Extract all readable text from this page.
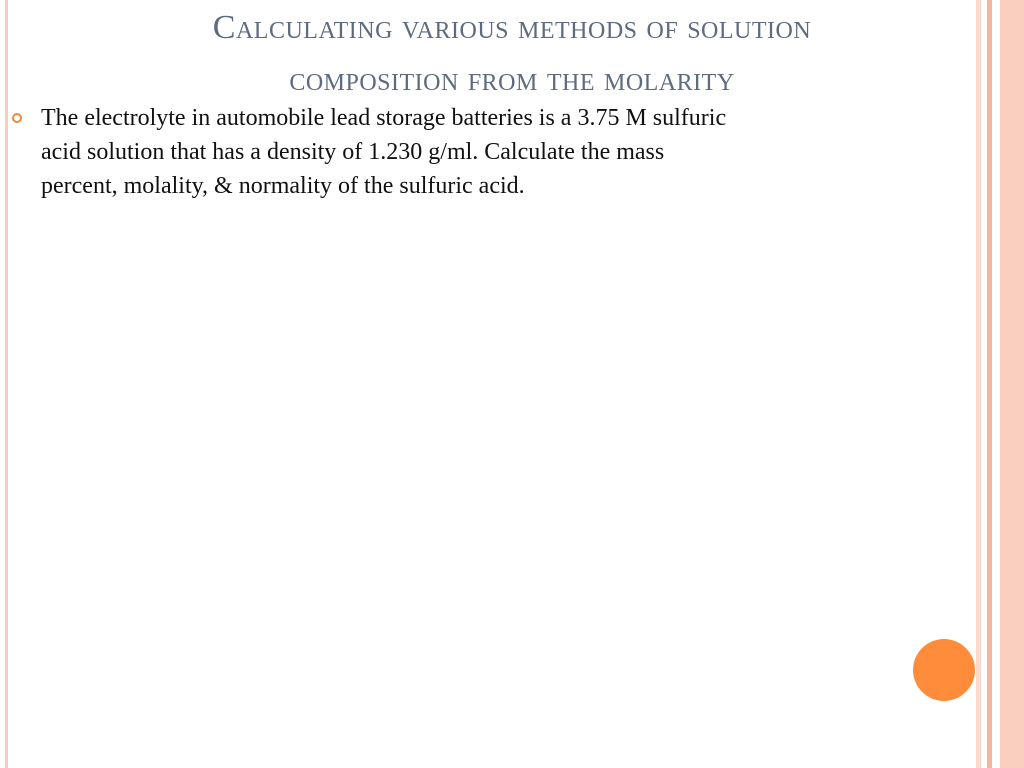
Calculating various methods of solution
composition from the molarity
The electrolyte in automobile lead storage batteries is a 3.75 M sulfuric
acid solution that has a density of 1.230 g/ml. Calculate the mass
percent, molality, & normality of the sulfuric acid.
